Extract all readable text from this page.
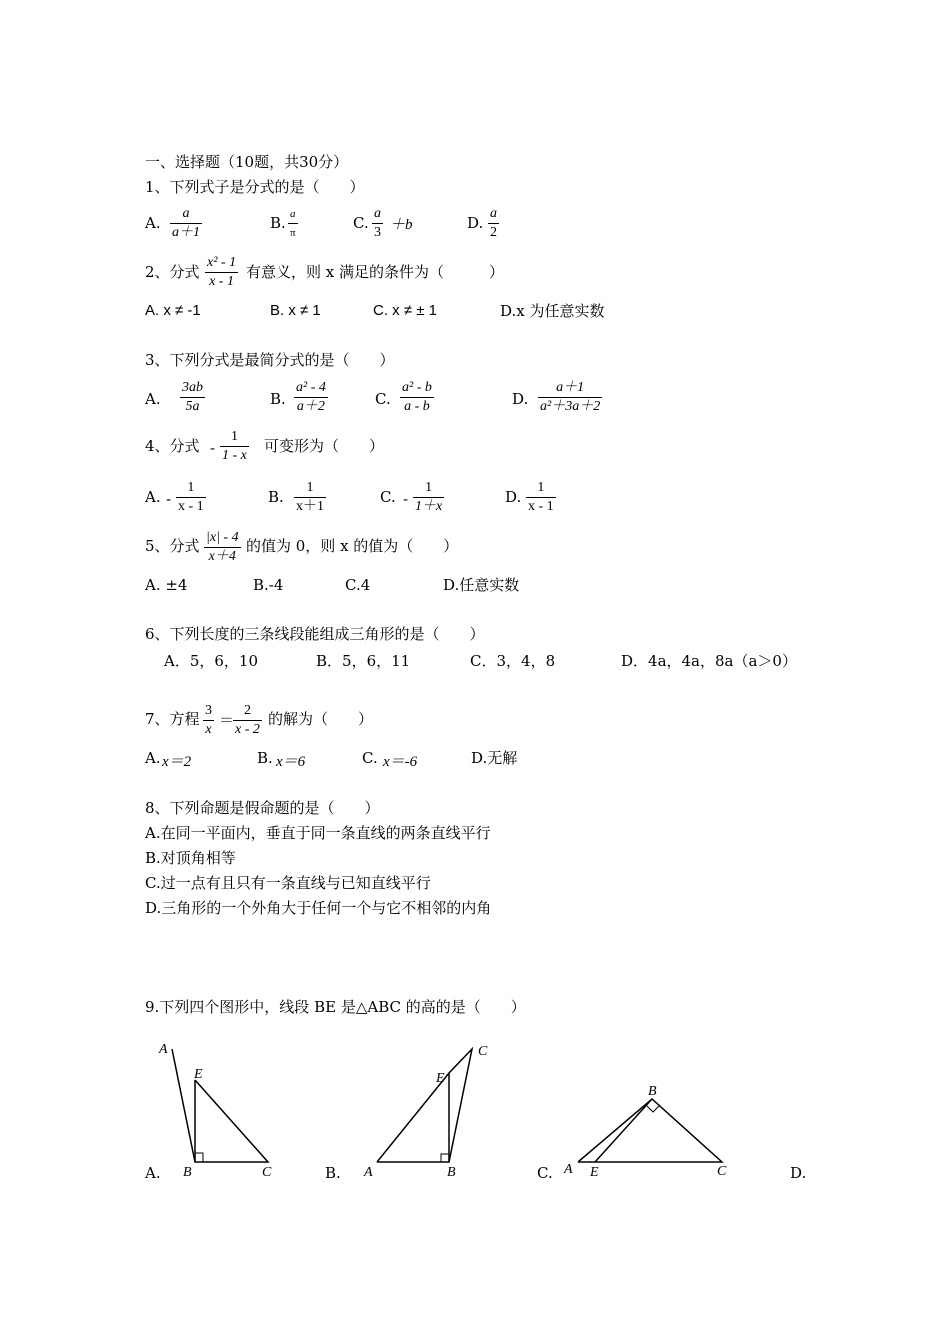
一、选择题（10题，共30分）
1、下列式子是分式的是（　　）
A. $\frac{a}{a+1}$	B. $\frac{a}{\pi}$	C. $\frac{a}{3} +b$	D. $\frac{a}{2}$
2、分式 $\frac{\text{x² - 1}}{x - 1}$ 有意义，则 x 满足的条件为（　　　）
A. x ≠ -1	B. x ≠ 1	C. x ≠ ± 1	D.x 为任意实数
3、下列分式是最简分式的是（　　）
A. $\frac{3ab}{5a}$	B. $\frac{\text{a² - 4}}{a+2}$	C. $\frac{\text{a² - b}}{a - b}$	D. $\frac{a+1}{\text{a²＋3a＋2}}$
4、分式 - $\frac{1}{1 - x}$ 可变形为（　　）
A. - $\frac{1}{x - 1}$	B. $\frac{1}{x+1}$	C. - $\frac{1}{1+x}$	D. $\frac{1}{x - 1}$
5、分式 $\frac{|x| - 4}{x+4}$ 的值为 0，则 x 的值为（　　）
A. ±4	B.-4	C.4	D.任意实数
6、下列长度的三条线段能组成三角形的是（　　）
A．5，6，10	B．5，6，11	C．3，4，8	D．4a，4a，8a（a＞0）
7、方程 $\frac{3}{x}$ ＝
$\frac{2}{x - 2}$ 的解为（　　）
A. x＝2	B. x＝6	C. x＝-6	D.无解
8、下列命题是假命题的是（　　）
A.在同一平面内，垂直于同一条直线的两条直线平行
B.对顶角相等
C.过一点有且只有一条直线与已知直线平行
D.三角形的一个外角大于任何一个与它不相邻的内角
9.下列四个图形中，线段 BE 是△ABC 的高的是（　　）
A
E
B	C
A.
C
E
A	B
B.
B
A E	C
C.	D.
